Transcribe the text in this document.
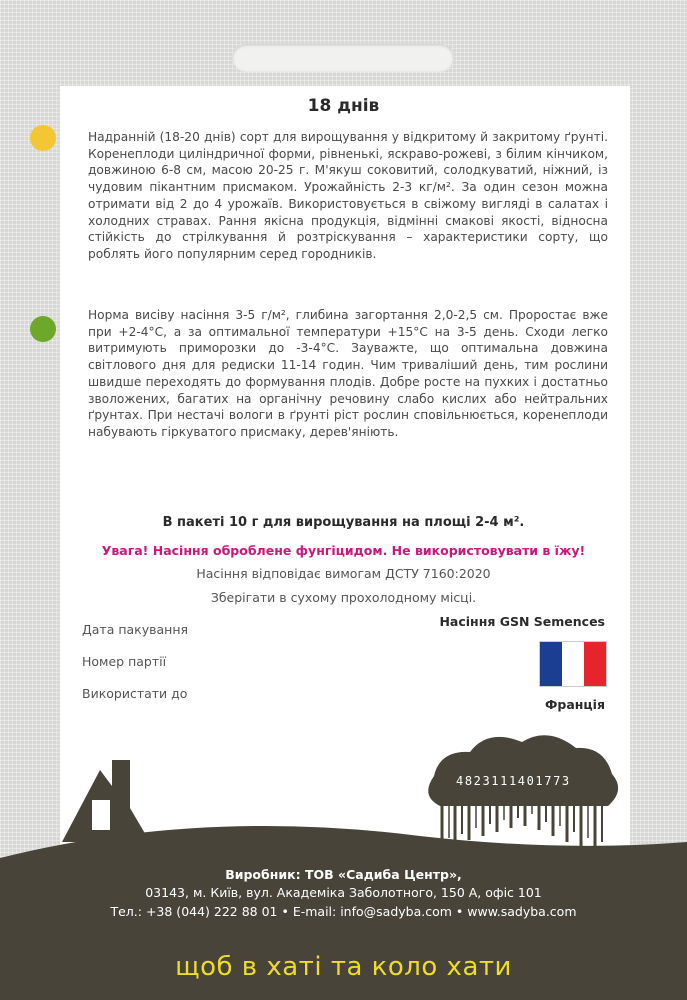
18 днів

Надранній (18-20 днів) сорт для вирощування у відкритому й закритому ґрунті. Коренеплоди циліндричної форми, рівненькі, яскраво-рожеві, з білим кінчиком, довжиною 6-8 см, масою 20-25 г. М'якуш соковитий, солодкуватий, ніжний, із чудовим пікантним присмаком. Урожайність 2-3 кг/м². За один сезон можна отримати від 2 до 4 урожаїв. Використовується в свіжому вигляді в салатах і холодних стравах. Рання якісна продукція, відмінні смакові якості, відносна стійкість до стрілкування й розтріскування – характеристики сорту, що роблять його популярним серед городників.

Норма висіву насіння 3-5 г/м², глибина загортання 2,0-2,5 см. Проростає вже при +2-4°С, а за оптимальної температури +15°С на 3-5 день. Сходи легко витримують приморозки до -3-4°С. Зауважте, що оптимальна довжина світлового дня для редиски 11-14 годин. Чим триваліший день, тим рослини швидше переходять до формування плодів. Добре росте на пухких і достатньо зволожених, багатих на органічну речовину слабо кислих або нейтральних ґрунтах. При нестачі вологи в ґрунті ріст рослин сповільнюється, коренеплоди набувають гіркуватого присмаку, дерев'яніють.

В пакеті 10 г для вирощування на площі 2-4 м².

Увага! Насіння оброблене фунгіцидом. Не використовувати в їжу!

Насіння відповідає вимогам ДСТУ 7160:2020

Зберігати в сухому прохолодному місці.

Дата пакування
Номер партії
Використати до
Насіння GSN Semences
Франція
4823111401773

Виробник: ТОВ «Садиба Центр»,

03143, м. Київ, вул. Академіка Заболотного, 150 А, офіс 101

Тел.: +38 (044) 222 88 01 • E-mail: info@sadyba.com • www.sadyba.com

щоб в хаті та коло хати
